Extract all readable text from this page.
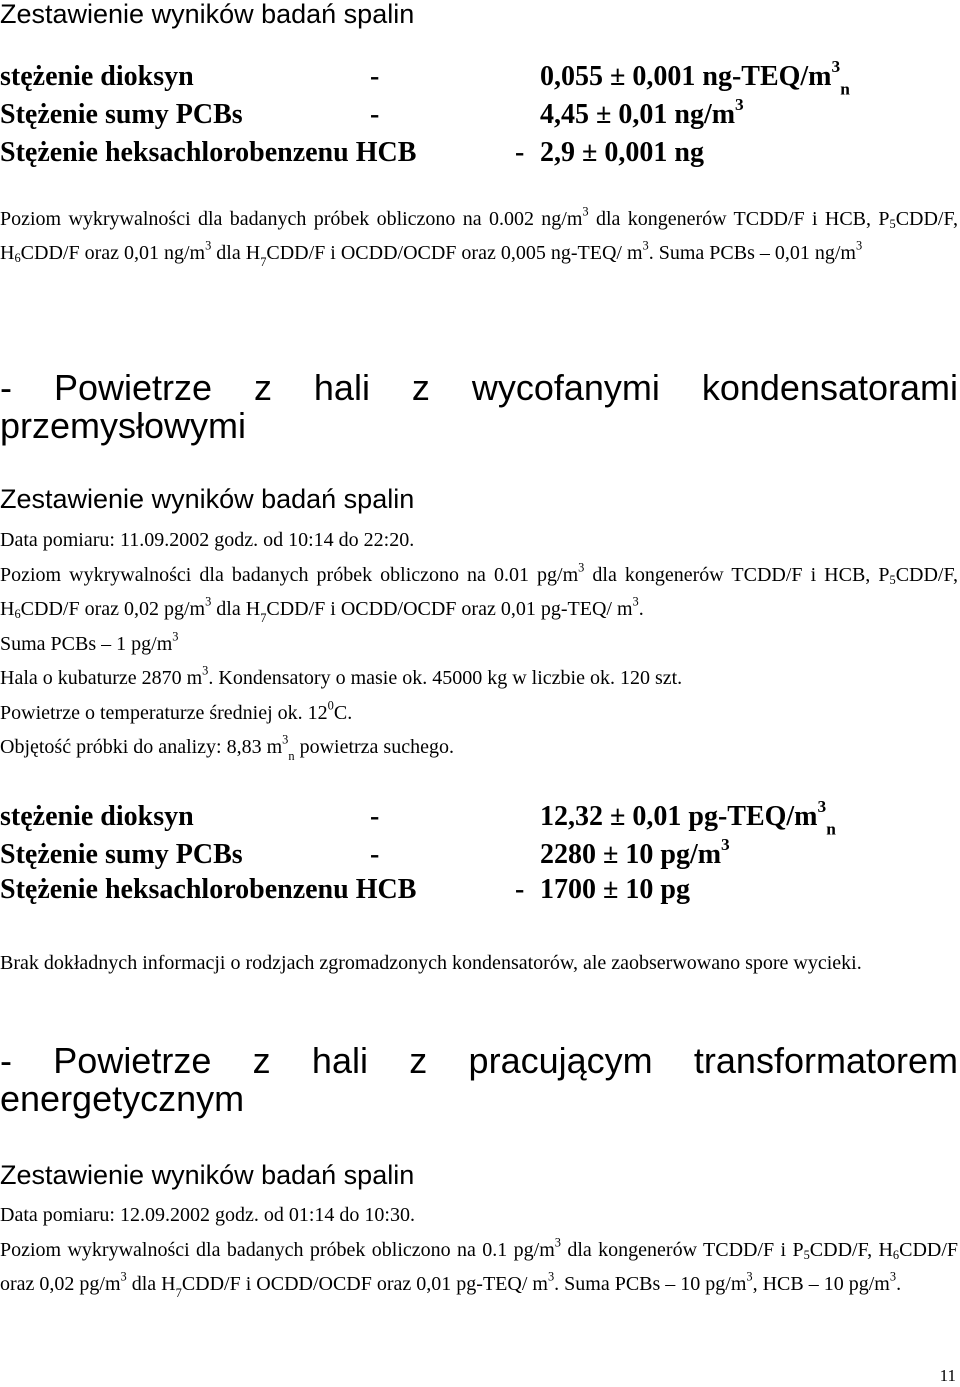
Zestawienie wyników badań spalin
stężenie dioksyn	-	0,055 ± 0,001 $ng-TEQ/m^3_n$
Stężenie sumy PCBs	-	4,45 ± 0,01 $ng/m^3$
Stężenie heksachlorobenzenu HCB	- 2,9 ± 0,001 ng

Poziom wykrywalności dla badanych próbek obliczono na 0.002 $ng/m^3$ dla kongenerów TCDD/F i HCB, $P_5CDD/F$, $H_6CDD/F$ oraz 0,01 $ng/m^3$ dla $H_7CDD/F$ i OCDD/OCDF oraz 0,005 ng-TEQ/ $m^3$. Suma PCBs – 0,01 $ng/m^3$

- Powietrze z hali z wycofanymi kondensatorami przemysłowymi
Zestawienie wyników badań spalin
Data pomiaru: 11.09.2002 godz. od 10:14 do 22:20.
Poziom wykrywalności dla badanych próbek obliczono na 0.01 $pg/m^3$ dla kongenerów TCDD/F i HCB, $P_5CDD/F$, $H_6CDD/F$ oraz 0,02 $pg/m^3$ dla $H_7CDD/F$ i OCDD/OCDF oraz 0,01 pg-TEQ/ $m^3$.
Suma PCBs – 1 $pg/m^3$
Hala o kubaturze 2870 $m^3$. Kondensatory o masie ok. 45000 kg w liczbie ok. 120 szt.
Powietrze o temperaturze średniej ok. $12^0C$.
Objętość próbki do analizy: 8,83 $m^3_n$ powietrza suchego.
stężenie dioksyn	-	12,32 ± 0,01 $pg-TEQ/m^3_n$
Stężenie sumy PCBs	-	2280 ± 10 $pg/m^3$
Stężenie heksachlorobenzenu HCB	- 1700 ± 10 pg

Brak dokładnych informacji o rodzjach zgromadzonych kondensatorów, ale zaobserwowano spore wycieki.

- Powietrze z hali z pracującym transformatorem energetycznym
Zestawienie wyników badań spalin
Data pomiaru: 12.09.2002 godz. od 01:14 do 10:30.
Poziom wykrywalności dla badanych próbek obliczono na 0.1 $pg/m^3$ dla kongenerów TCDD/F i $P_5CDD/F$, $H_6CDD/F$ oraz 0,02 $pg/m^3$ dla $H_7CDD/F$ i OCDD/OCDF oraz 0,01 pg-TEQ/ $m^3$. Suma PCBs – 10 $pg/m^3$, HCB – 10 $pg/m^3$.
11
